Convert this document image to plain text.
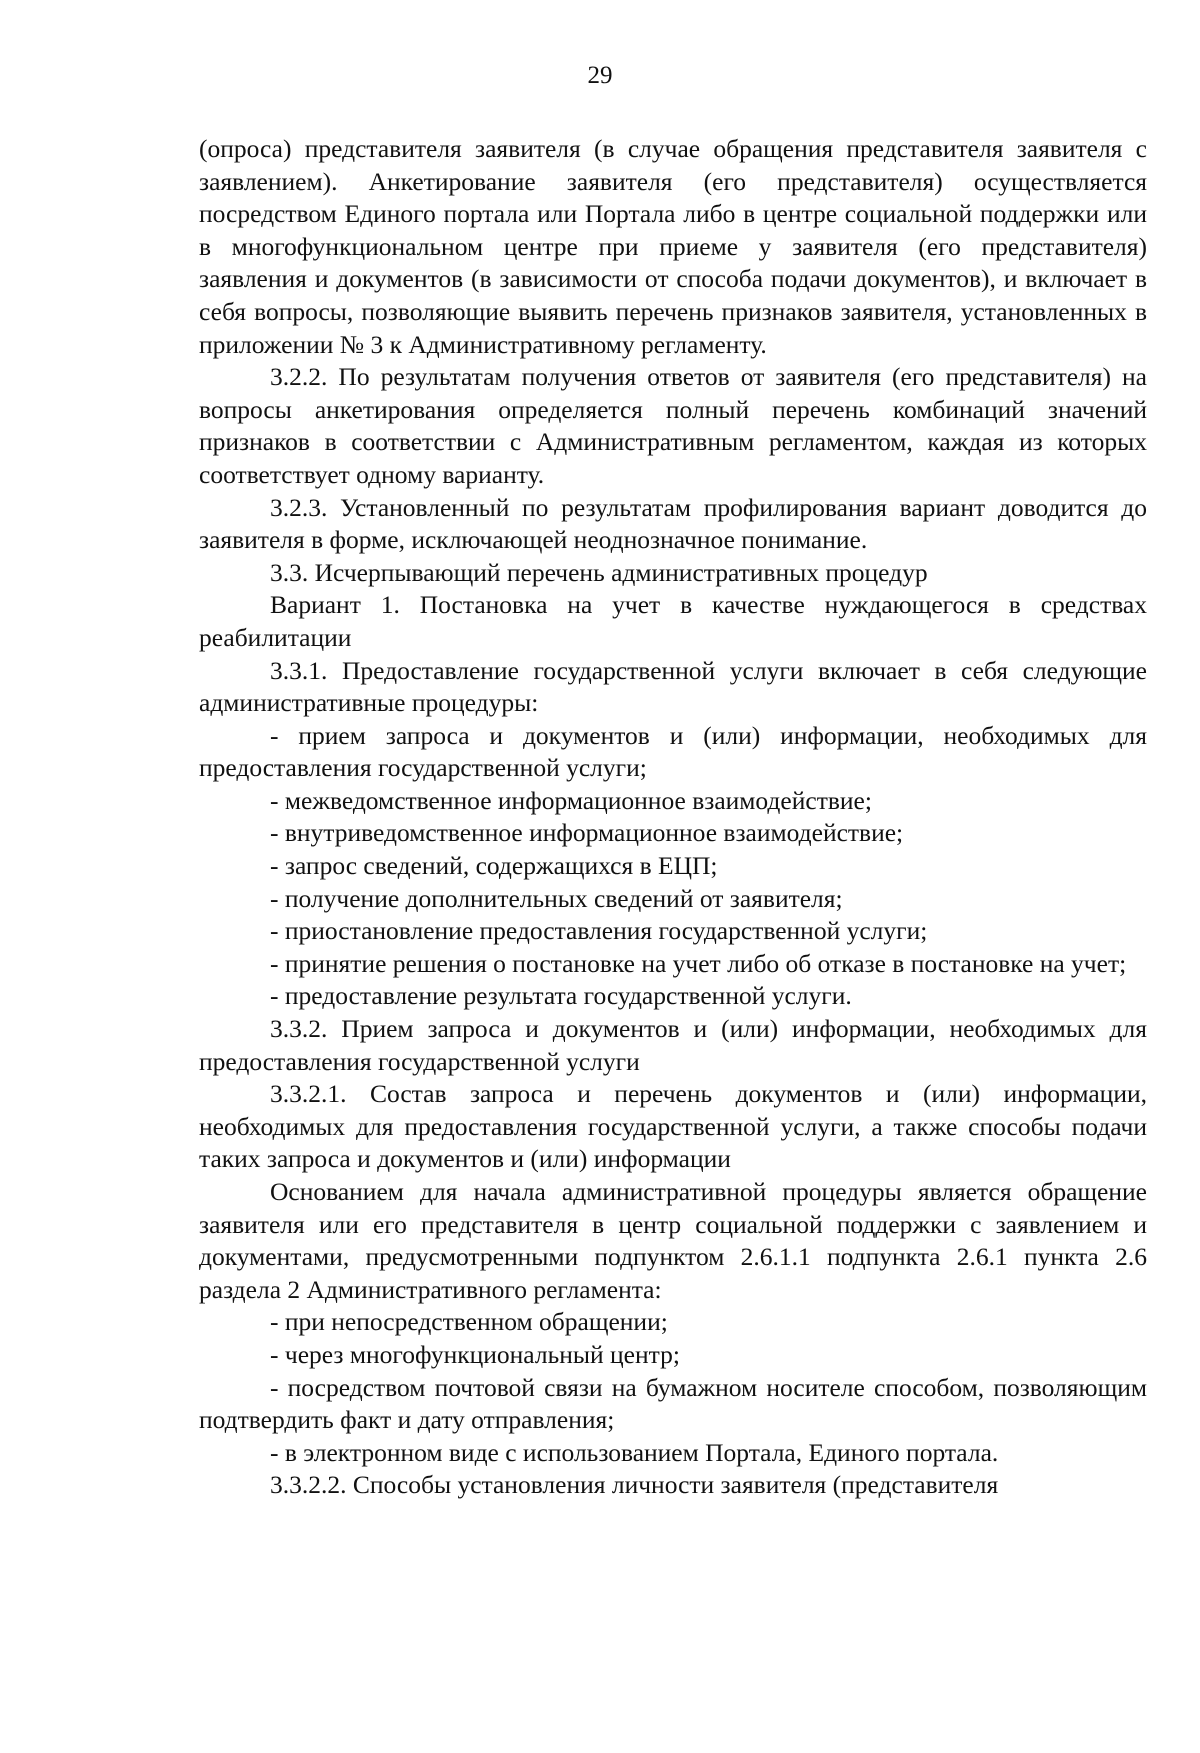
29

(опроса) представителя заявителя (в случае обращения представителя заявителя с заявлением). Анкетирование заявителя (его представителя) осуществляется посредством Единого портала или Портала либо в центре социальной поддержки или в многофункциональном центре при приеме у заявителя (его представителя) заявления и документов (в зависимости от способа подачи документов), и включает в себя вопросы, позволяющие выявить перечень признаков заявителя, установленных в приложении № 3 к Административному регламенту.

3.2.2. По результатам получения ответов от заявителя (его представителя) на вопросы анкетирования определяется полный перечень комбинаций значений признаков в соответствии с Административным регламентом, каждая из которых соответствует одному варианту.

3.2.3. Установленный по результатам профилирования вариант доводится до заявителя в форме, исключающей неоднозначное понимание.

3.3. Исчерпывающий перечень административных процедур

Вариант 1. Постановка на учет в качестве нуждающегося в средствах реабилитации

3.3.1. Предоставление государственной услуги включает в себя следующие административные процедуры:

- прием запроса и документов и (или) информации, необходимых для предоставления государственной услуги;

- межведомственное информационное взаимодействие;

- внутриведомственное информационное взаимодействие;

- запрос сведений, содержащихся в ЕЦП;

- получение дополнительных сведений от заявителя;

- приостановление предоставления государственной услуги;

- принятие решения о постановке на учет либо об отказе в постановке на учет;

- предоставление результата государственной услуги.

3.3.2. Прием запроса и документов и (или) информации, необходимых для предоставления государственной услуги

3.3.2.1. Состав запроса и перечень документов и (или) информации, необходимых для предоставления государственной услуги, а также способы подачи таких запроса и документов и (или) информации

Основанием для начала административной процедуры является обращение заявителя или его представителя в центр социальной поддержки с заявлением и документами, предусмотренными подпунктом 2.6.1.1 подпункта 2.6.1 пункта 2.6 раздела 2 Административного регламента:

- при непосредственном обращении;

- через многофункциональный центр;

- посредством почтовой связи на бумажном носителе способом, позволяющим подтвердить факт и дату отправления;

- в электронном виде с использованием Портала, Единого портала.

3.3.2.2. Способы установления личности заявителя (представителя
